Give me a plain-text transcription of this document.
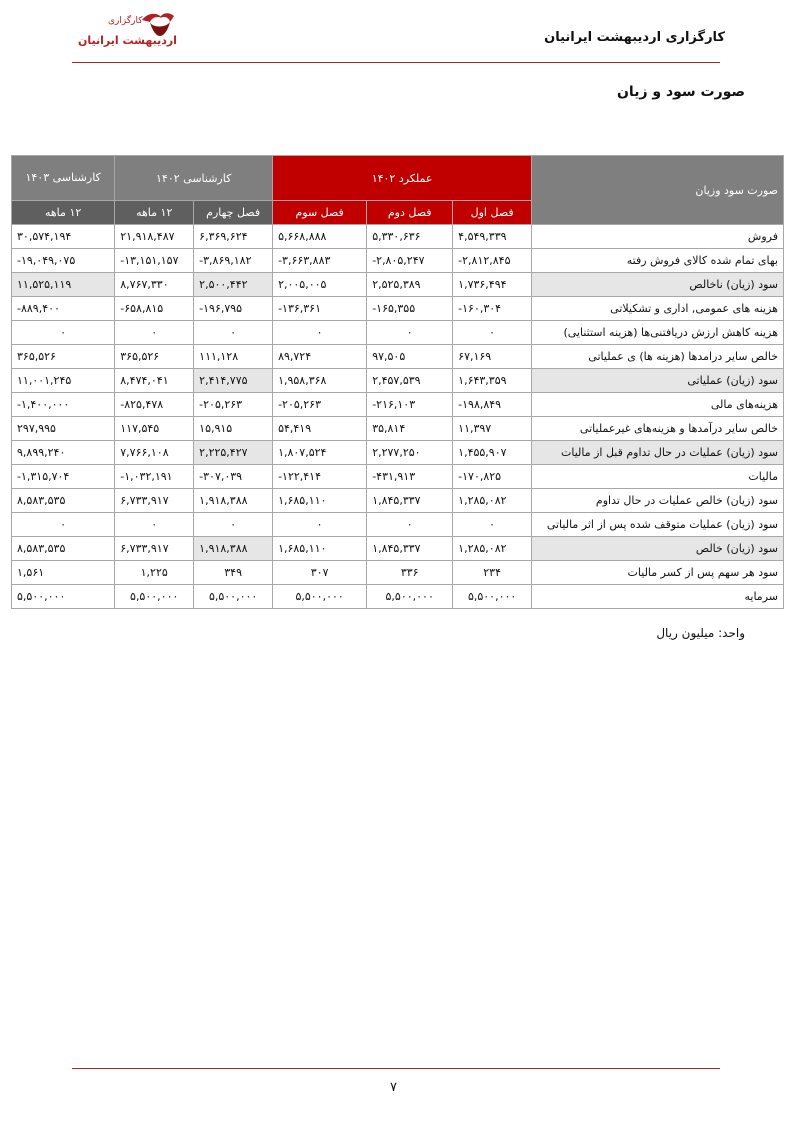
کارگزاری
اردیبهشت ایرانیان	کارگزاری اردیبهشت ایرانیان
صورت سود و زیان
صورت سود وزیان	عملکرد ۱۴۰۲			کارشناسی ۱۴۰۲		کارشناسی ۱۴۰۳
	فصل اول	فصل دوم	فصل سوم	فصل چهارم	۱۲ ماهه	۱۲ ماهه
فروش	۴,۵۴۹,۳۳۹	۵,۳۳۰,۶۳۶	۵,۶۶۸,۸۸۸	۶,۳۶۹,۶۲۴	۲۱,۹۱۸,۴۸۷	۳۰,۵۷۴,۱۹۴
بهای تمام شده کالای فروش رفته	-۲,۸۱۲,۸۴۵	-۲,۸۰۵,۲۴۷	-۳,۶۶۳,۸۸۳	-۳,۸۶۹,۱۸۲	-۱۳,۱۵۱,۱۵۷	-۱۹,۰۴۹,۰۷۵
سود (زیان) ناخالص	۱,۷۳۶,۴۹۴	۲,۵۲۵,۳۸۹	۲,۰۰۵,۰۰۵	۲,۵۰۰,۴۴۲	۸,۷۶۷,۳۳۰	۱۱,۵۲۵,۱۱۹
هزینه های عمومی, اداری و تشکیلاتی	-۱۶۰,۳۰۴	-۱۶۵,۳۵۵	-۱۳۶,۳۶۱	-۱۹۶,۷۹۵	-۶۵۸,۸۱۵	-۸۸۹,۴۰۰
هزینه کاهش ارزش دریافتنی‌ها (هزینه استثنایی)	۰	۰	۰	۰	۰	۰
خالص سایر درامدها (هزینه ها) ی عملیاتی	۶۷,۱۶۹	۹۷,۵۰۵	۸۹,۷۲۴	۱۱۱,۱۲۸	۳۶۵,۵۲۶	۳۶۵,۵۲۶
سود (زیان) عملیاتی	۱,۶۴۳,۳۵۹	۲,۴۵۷,۵۳۹	۱,۹۵۸,۳۶۸	۲,۴۱۴,۷۷۵	۸,۴۷۴,۰۴۱	۱۱,۰۰۱,۲۴۵
هزینه‌های مالی	-۱۹۸,۸۴۹	-۲۱۶,۱۰۳	-۲۰۵,۲۶۳	-۲۰۵,۲۶۳	-۸۲۵,۴۷۸	-۱,۴۰۰,۰۰۰
خالص سایر درآمدها و هزینه‌های غیرعملیاتی	۱۱,۳۹۷	۳۵,۸۱۴	۵۴,۴۱۹	۱۵,۹۱۵	۱۱۷,۵۴۵	۲۹۷,۹۹۵
سود (زیان) عملیات در حال تداوم قبل از مالیات	۱,۴۵۵,۹۰۷	۲,۲۷۷,۲۵۰	۱,۸۰۷,۵۲۴	۲,۲۲۵,۴۲۷	۷,۷۶۶,۱۰۸	۹,۸۹۹,۲۴۰
مالیات	-۱۷۰,۸۲۵	-۴۳۱,۹۱۳	-۱۲۲,۴۱۴	-۳۰۷,۰۳۹	-۱,۰۳۲,۱۹۱	-۱,۳۱۵,۷۰۴
سود (زیان) خالص عملیات در حال تداوم	۱,۲۸۵,۰۸۲	۱,۸۴۵,۳۳۷	۱,۶۸۵,۱۱۰	۱,۹۱۸,۳۸۸	۶,۷۳۳,۹۱۷	۸,۵۸۳,۵۳۵
سود (زیان) عملیات متوقف شده پس از اثر مالیاتی	۰	۰	۰	۰	۰	۰
سود (زیان) خالص	۱,۲۸۵,۰۸۲	۱,۸۴۵,۳۳۷	۱,۶۸۵,۱۱۰	۱,۹۱۸,۳۸۸	۶,۷۳۳,۹۱۷	۸,۵۸۳,۵۳۵
سود هر سهم پس از کسر مالیات	۲۳۴	۳۳۶	۳۰۷	۳۴۹	۱,۲۲۵	۱,۵۶۱
سرمایه	۵,۵۰۰,۰۰۰	۵,۵۰۰,۰۰۰	۵,۵۰۰,۰۰۰	۵,۵۰۰,۰۰۰	۵,۵۰۰,۰۰۰	۵,۵۰۰,۰۰۰
واحد: میلیون ریال
۷
